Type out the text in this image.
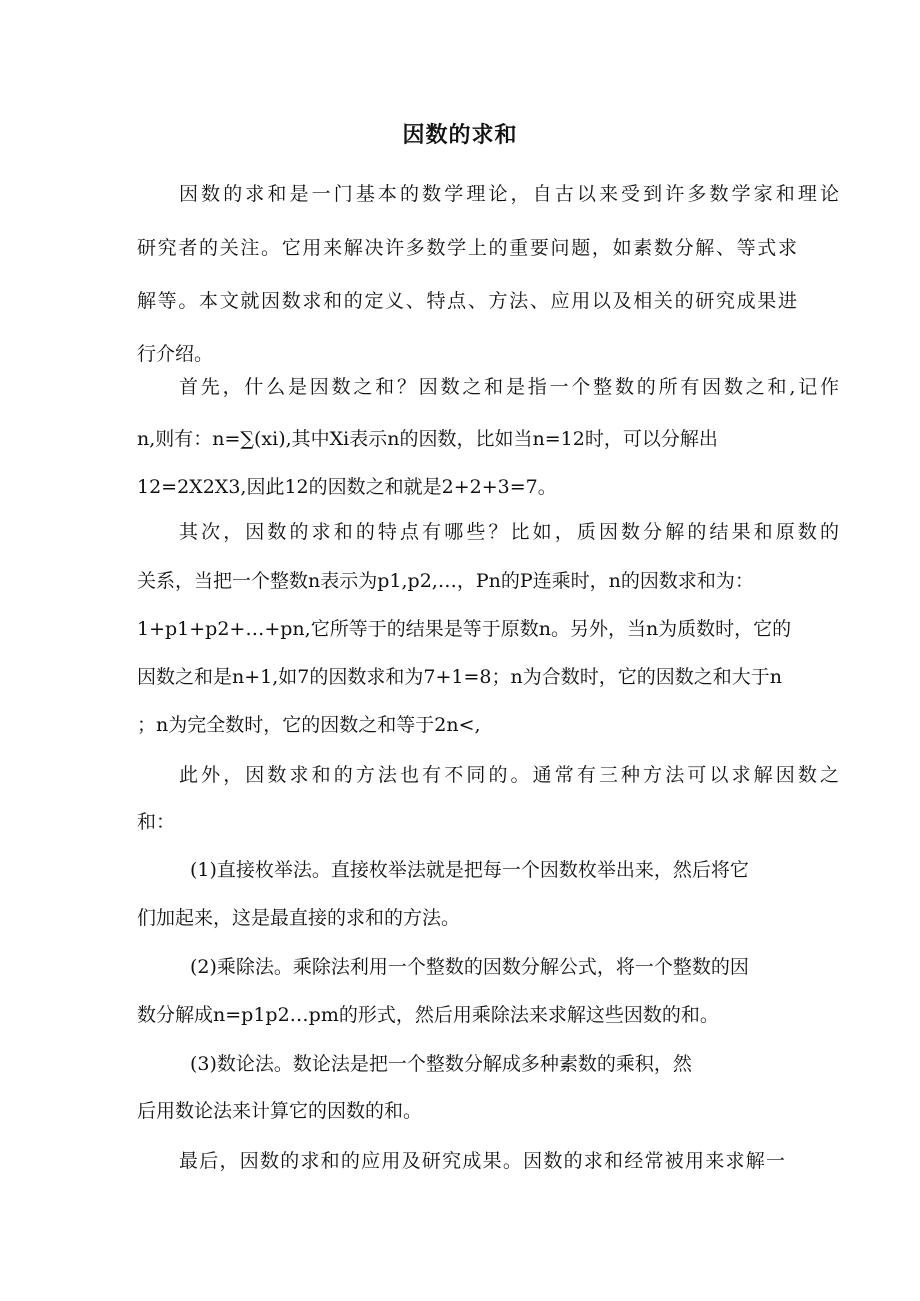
因数的求和
因数的求和是一门基本的数学理论，自古以来受到许多数学家和理论
研究者的关注。它用来解决许多数学上的重要问题，如素数分解、等式求
解等。本文就因数求和的定义、特点、方法、应用以及相关的研究成果进
行介绍。
首先，什么是因数之和？因数之和是指一个整数的所有因数之和,记作
n,则有：n=∑(xi),其中Xi表示n的因数，比如当n=12时，可以分解出
12=2X2X3,因此12的因数之和就是2+2+3=7。
其次，因数的求和的特点有哪些？比如，质因数分解的结果和原数的
关系，当把一个整数n表示为p1,p2,…，Pn的P连乘时，n的因数求和为：
1+p1+p2+…+pn,它所等于的结果是等于原数n。另外，当n为质数时，它的
因数之和是n+1,如7的因数求和为7+1=8；n为合数时，它的因数之和大于n
；n为完全数时，它的因数之和等于2n<,
此外，因数求和的方法也有不同的。通常有三种方法可以求解因数之
和：
(1)直接枚举法。直接枚举法就是把每一个因数枚举出来，然后将它
们加起来，这是最直接的求和的方法。
(2)乘除法。乘除法利用一个整数的因数分解公式，将一个整数的因
数分解成n=p1p2…pm的形式，然后用乘除法来求解这些因数的和。
(3)数论法。数论法是把一个整数分解成多种素数的乘积，然
后用数论法来计算它的因数的和。
最后，因数的求和的应用及研究成果。因数的求和经常被用来求解一
